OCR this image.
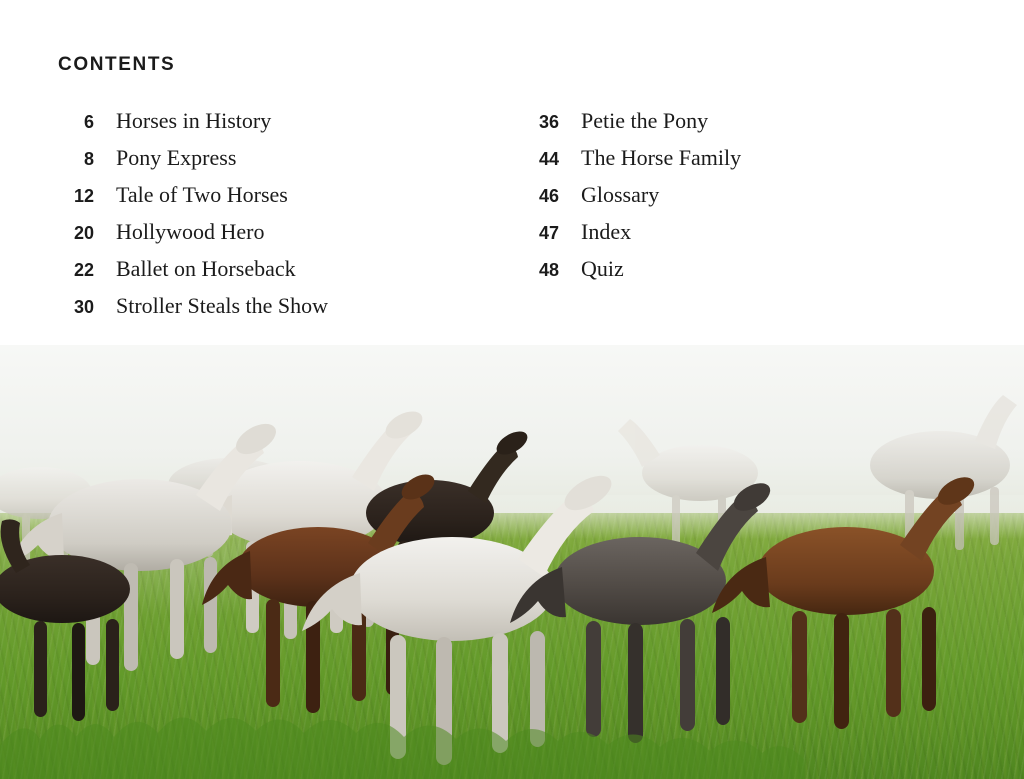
CONTENTS
6 Horses in History
8 Pony Express
12 Tale of Two Horses
20 Hollywood Hero
22 Ballet on Horseback
30 Stroller Steals the Show
36 Petie the Pony
44 The Horse Family
46 Glossary
47 Index
48 Quiz
